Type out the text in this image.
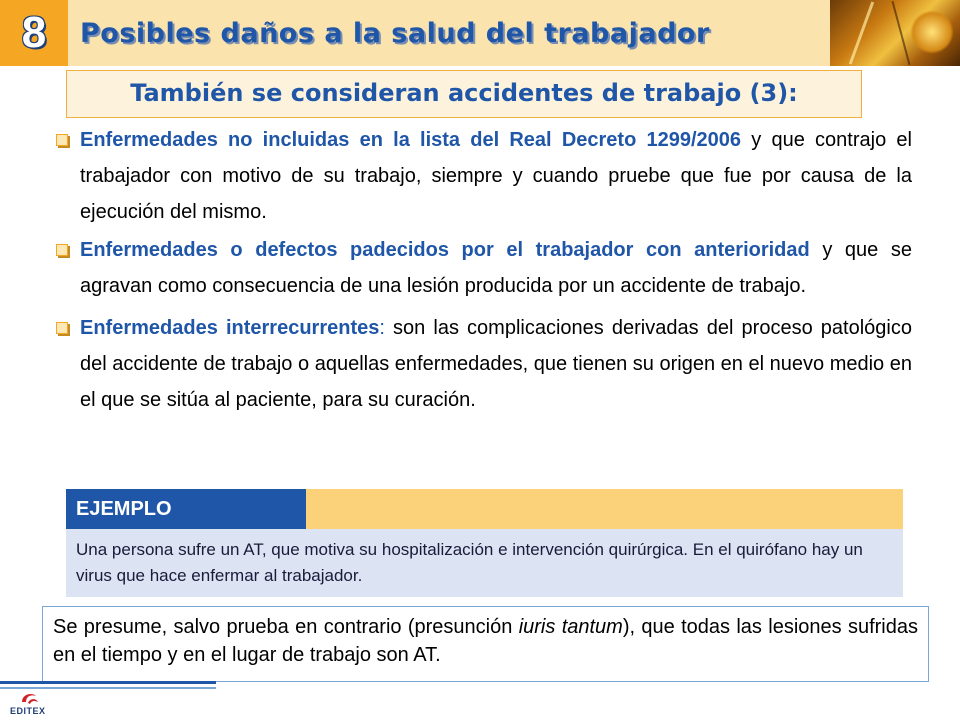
8 Posibles daños a la salud del trabajador
También se consideran accidentes de trabajo (3):
Enfermedades no incluidas en la lista del Real Decreto 1299/2006 y que contrajo el trabajador con motivo de su trabajo, siempre y cuando pruebe que fue por causa de la ejecución del mismo.
Enfermedades o defectos padecidos por el trabajador con anterioridad y que se agravan como consecuencia de una lesión producida por un accidente de trabajo.
Enfermedades interrecurrentes: son las complicaciones derivadas del proceso patológico del accidente de trabajo o aquellas enfermedades, que tienen su origen en el nuevo medio en el que se sitúa al paciente, para su curación.
EJEMPLO
Una persona sufre un AT, que motiva su hospitalización e intervención quirúrgica. En el quirófano hay un virus que hace enfermar al trabajador.
Se presume, salvo prueba en contrario (presunción iuris tantum), que todas las lesiones sufridas en el tiempo y en el lugar de trabajo son AT.
EDITEX
